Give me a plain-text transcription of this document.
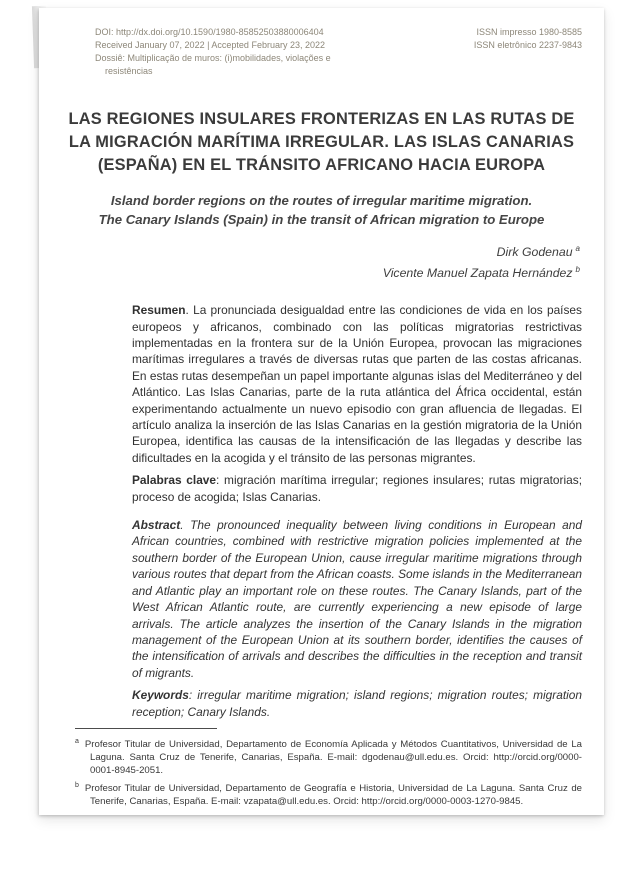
DOI: http://dx.doi.org/10.1590/1980-85852503880006404
Received January 07, 2022 | Accepted February 23, 2022
Dossiê: Multiplicação de muros: (i)mobilidades, violações e resistências
ISSN impresso 1980-8585
ISSN eletrônico 2237-9843
LAS REGIONES INSULARES FRONTERIZAS EN LAS RUTAS DE
LA MIGRACIÓN MARÍTIMA IRREGULAR. LAS ISLAS CANARIAS
(ESPAÑA) EN EL TRÁNSITO AFRICANO HACIA EUROPA
Island border regions on the routes of irregular maritime migration.
The Canary Islands (Spain) in the transit of African migration to Europe
Dirk Godenau $^a$
Vicente Manuel Zapata Hernández $^b$

Resumen. La pronunciada desigualdad entre las condiciones de vida en los países europeos y africanos, combinado con las políticas migratorias restrictivas implementadas en la frontera sur de la Unión Europea, provocan las migraciones marítimas irregulares a través de diversas rutas que parten de las costas africanas. En estas rutas desempeñan un papel importante algunas islas del Mediterráneo y del Atlántico. Las Islas Canarias, parte de la ruta atlántica del África occidental, están experimentando actualmente un nuevo episodio con gran afluencia de llegadas. El artículo analiza la inserción de las Islas Canarias en la gestión migratoria de la Unión Europea, identifica las causas de la intensificación de las llegadas y describe las dificultades en la acogida y el tránsito de las personas migrantes.

Palabras clave: migración marítima irregular; regiones insulares; rutas migratorias; proceso de acogida; Islas Canarias.

Abstract. The pronounced inequality between living conditions in European and African countries, combined with restrictive migration policies implemented at the southern border of the European Union, cause irregular maritime migrations through various routes that depart from the African coasts. Some islands in the Mediterranean and Atlantic play an important role on these routes. The Canary Islands, part of the West African Atlantic route, are currently experiencing a new episode of large arrivals. The article analyzes the insertion of the Canary Islands in the migration management of the European Union at its southern border, identifies the causes of the intensification of arrivals and describes the difficulties in the reception and transit of migrants.

Keywords: irregular maritime migration; island regions; migration routes; migration reception; Canary Islands.

$^a$ Profesor Titular de Universidad, Departamento de Economía Aplicada y Métodos Cuantitativos, Universidad de La Laguna. Santa Cruz de Tenerife, Canarias, España. E-mail: dgodenau@ull.edu.es. Orcid: http://orcid.org/0000-0001-8945-2051.

$^b$ Profesor Titular de Universidad, Departamento de Geografía e Historia, Universidad de La Laguna. Santa Cruz de Tenerife, Canarias, España. E-mail: vzapata@ull.edu.es. Orcid: http://orcid.org/0000-0003-1270-9845.
